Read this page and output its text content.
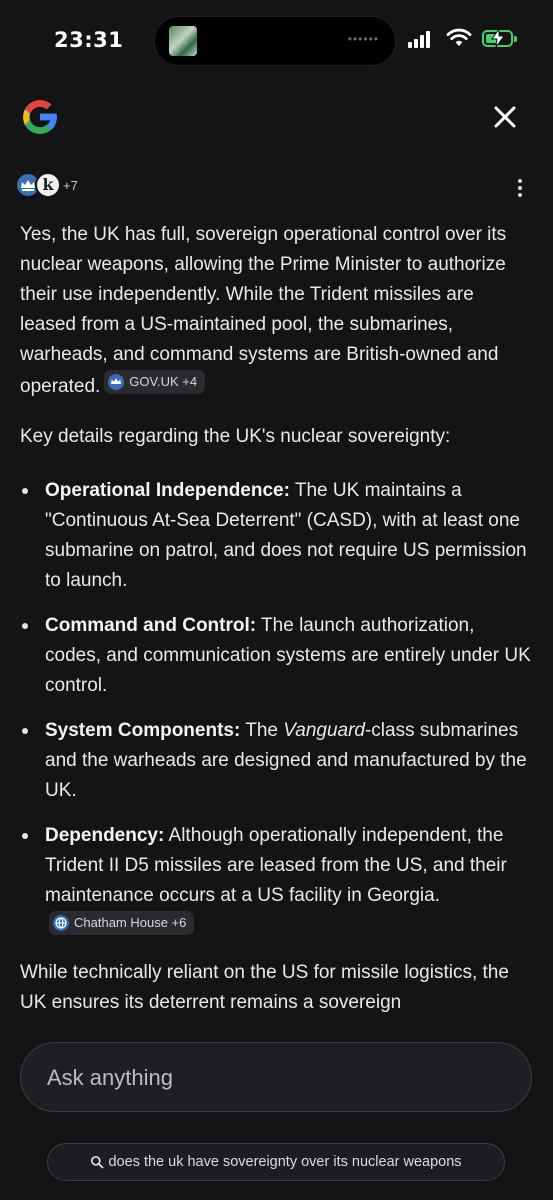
23:31	••••••
k +7

Yes, the UK has full, sovereign operational control over its nuclear weapons, allowing the Prime Minister to authorize their use independently. While the Trident missiles are leased from a US-maintained pool, the submarines, warheads, and command systems are British-owned and operated. GOV.UK +4

Key details regarding the UK's nuclear sovereignty:

Operational Independence: The UK maintains a "Continuous At-Sea Deterrent" (CASD), with at least one submarine on patrol, and does not require US permission to launch.
Command and Control: The launch authorization, codes, and communication systems are entirely under UK control.
System Components: The Vanguard-class submarines and the warheads are designed and manufactured by the UK.
Dependency: Although operationally independent, the Trident II D5 missiles are leased from the US, and their maintenance occurs at a US facility in Georgia.
Chatham House +6

While technically reliant on the US for missile logistics, the UK ensures its deterrent remains a sovereign

Ask anything
does the uk have sovereignty over its nuclear weapons
